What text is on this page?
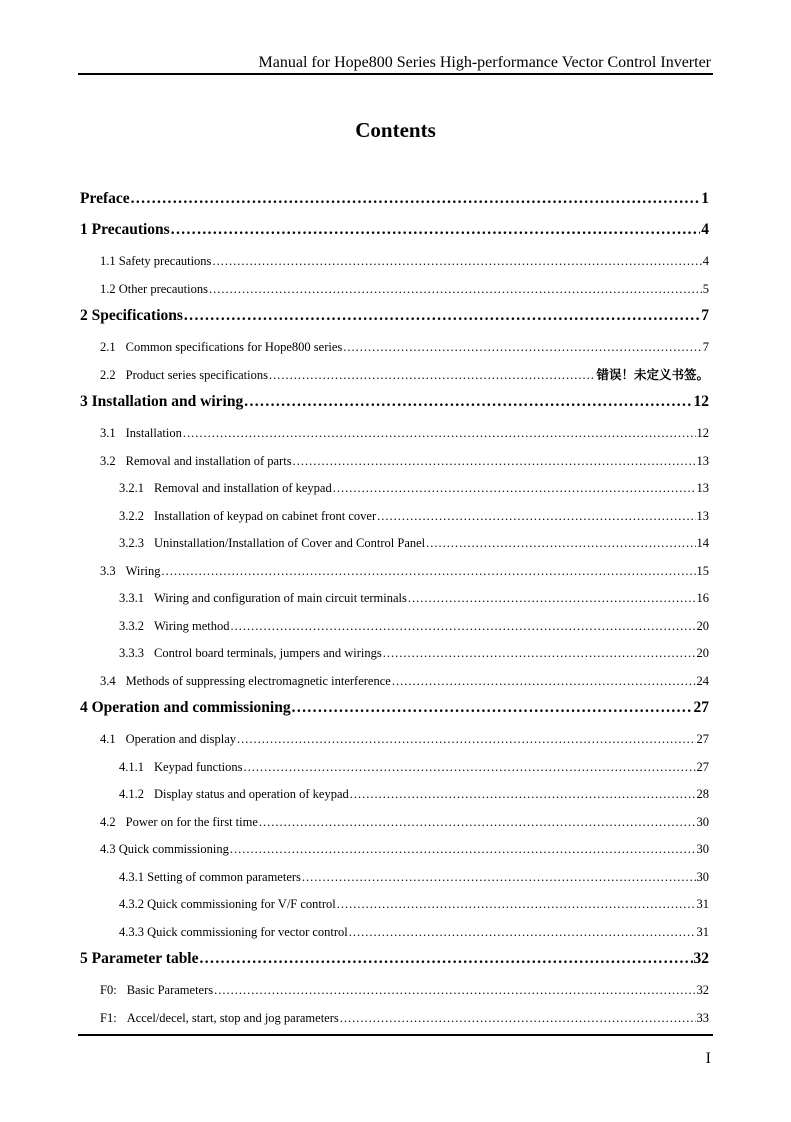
Manual for Hope800 Series High-performance Vector Control Inverter
Contents
Preface .....	1
1 Precautions .....	4
1.1 Safety precautions .....	4
1.2 Other precautions .....	5
2 Specifications .....	7
2.1 Common specifications for Hope800 series .....	7
2.2 Product series specifications .....	错误！未定义书签。
3 Installation and wiring .....	12
3.1 Installation .....	12
3.2 Removal and installation of parts .....	13
3.2.1 Removal and installation of keypad .....	13
3.2.2 Installation of keypad on cabinet front cover .....	13
3.2.3 Uninstallation/Installation of Cover and Control Panel .....	14
3.3 Wiring .....	15
3.3.1 Wiring and configuration of main circuit terminals .....	16
3.3.2 Wiring method .....	20
3.3.3 Control board terminals, jumpers and wirings .....	20
3.4 Methods of suppressing electromagnetic interference .....	24
4 Operation and commissioning .....	27
4.1 Operation and display .....	27
4.1.1 Keypad functions .....	27
4.1.2 Display status and operation of keypad .....	28
4.2 Power on for the first time .....	30
4.3 Quick commissioning .....	30
4.3.1 Setting of common parameters .....	30
4.3.2 Quick commissioning for V/F control .....	31
4.3.3 Quick commissioning for vector control .....	31
5 Parameter table .....	32
F0: Basic Parameters .....	32
F1: Accel/decel, start, stop and jog parameters .....	33
I
